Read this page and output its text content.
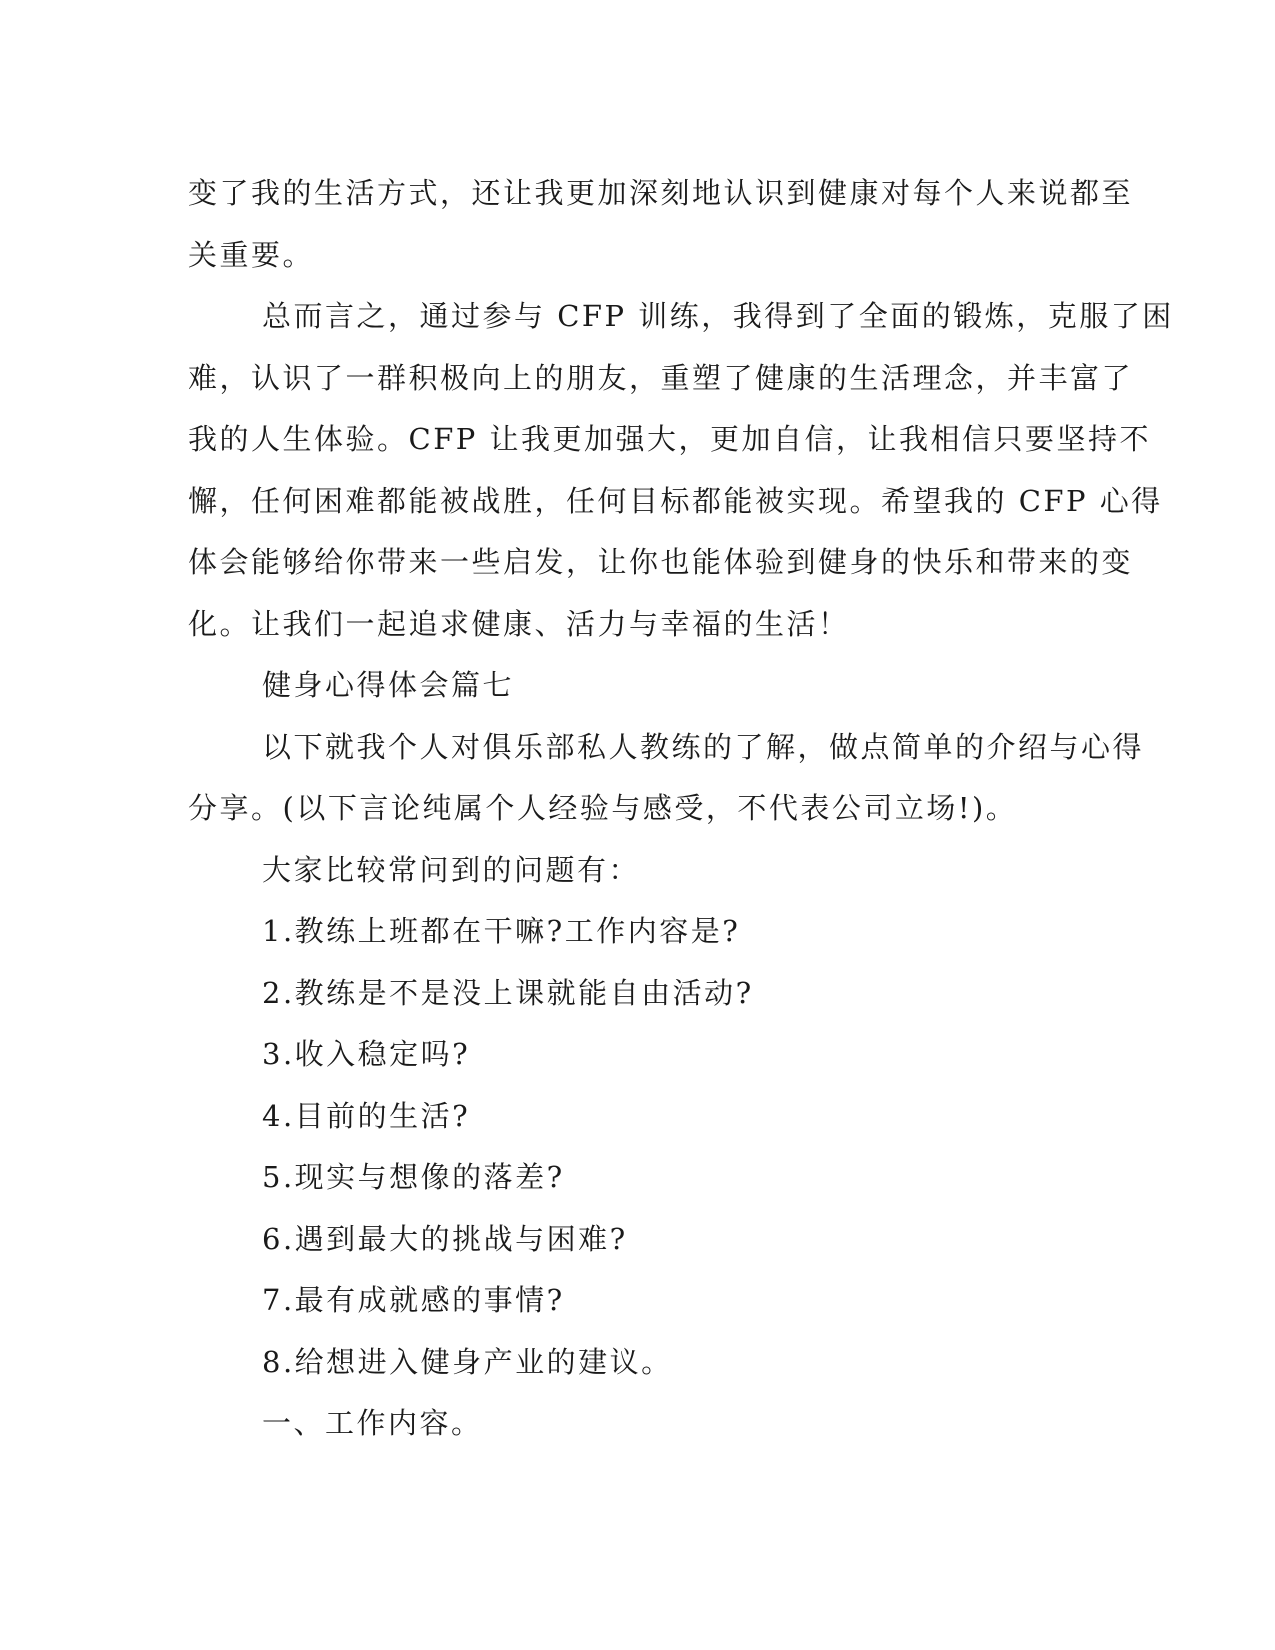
变了我的生活方式，还让我更加深刻地认识到健康对每个人来说都至
关重要。

总而言之，通过参与 CFP 训练，我得到了全面的锻炼，克服了困
难，认识了一群积极向上的朋友，重塑了健康的生活理念，并丰富了
我的人生体验。CFP 让我更加强大，更加自信，让我相信只要坚持不
懈，任何困难都能被战胜，任何目标都能被实现。希望我的 CFP 心得
体会能够给你带来一些启发，让你也能体验到健身的快乐和带来的变
化。让我们一起追求健康、活力与幸福的生活！

健身心得体会篇七

以下就我个人对俱乐部私人教练的了解，做点简单的介绍与心得
分享。(以下言论纯属个人经验与感受，不代表公司立场!)。

大家比较常问到的问题有：

1.教练上班都在干嘛?工作内容是?
2.教练是不是没上课就能自由活动?
3.收入稳定吗?
4.目前的生活?
5.现实与想像的落差?
6.遇到最大的挑战与困难?
7.最有成就感的事情?
8.给想进入健身产业的建议。

一、工作内容。
